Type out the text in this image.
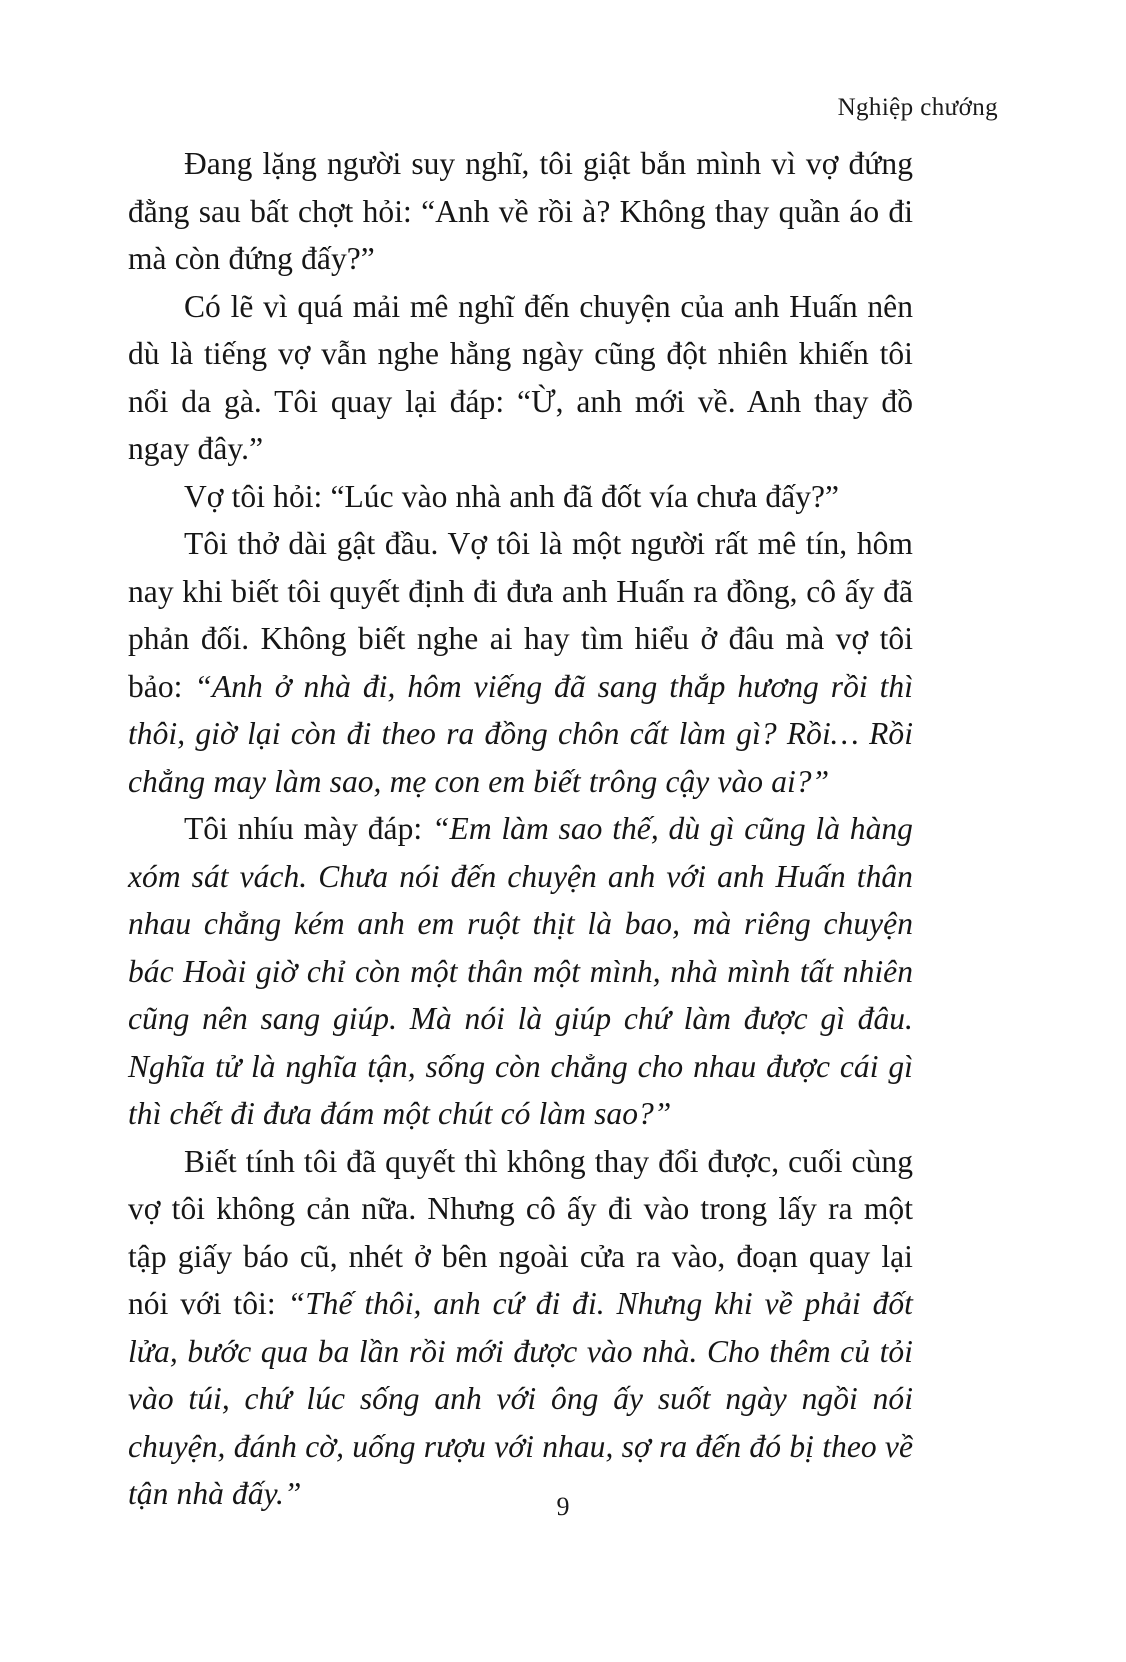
Nghiệp chướng

Đang lặng người suy nghĩ, tôi giật bắn mình vì vợ đứng đằng sau bất chợt hỏi: “Anh về rồi à? Không thay quần áo đi mà còn đứng đấy?”

Có lẽ vì quá mải mê nghĩ đến chuyện của anh Huấn nên dù là tiếng vợ vẫn nghe hằng ngày cũng đột nhiên khiến tôi nổi da gà. Tôi quay lại đáp: “Ừ, anh mới về. Anh thay đồ ngay đây.”

Vợ tôi hỏi: “Lúc vào nhà anh đã đốt vía chưa đấy?”

Tôi thở dài gật đầu. Vợ tôi là một người rất mê tín, hôm nay khi biết tôi quyết định đi đưa anh Huấn ra đồng, cô ấy đã phản đối. Không biết nghe ai hay tìm hiểu ở đâu mà vợ tôi bảo: “Anh ở nhà đi, hôm viếng đã sang thắp hương rồi thì thôi, giờ lại còn đi theo ra đồng chôn cất làm gì? Rồi… Rồi chẳng may làm sao, mẹ con em biết trông cậy vào ai?”

Tôi nhíu mày đáp: “Em làm sao thế, dù gì cũng là hàng xóm sát vách. Chưa nói đến chuyện anh với anh Huấn thân nhau chẳng kém anh em ruột thịt là bao, mà riêng chuyện bác Hoài giờ chỉ còn một thân một mình, nhà mình tất nhiên cũng nên sang giúp. Mà nói là giúp chứ làm được gì đâu. Nghĩa tử là nghĩa tận, sống còn chẳng cho nhau được cái gì thì chết đi đưa đám một chút có làm sao?”

Biết tính tôi đã quyết thì không thay đổi được, cuối cùng vợ tôi không cản nữa. Nhưng cô ấy đi vào trong lấy ra một tập giấy báo cũ, nhét ở bên ngoài cửa ra vào, đoạn quay lại nói với tôi: “Thế thôi, anh cứ đi đi. Nhưng khi về phải đốt lửa, bước qua ba lần rồi mới được vào nhà. Cho thêm củ tỏi vào túi, chứ lúc sống anh với ông ấy suốt ngày ngồi nói chuyện, đánh cờ, uống rượu với nhau, sợ ra đến đó bị theo về tận nhà đấy.”	9
